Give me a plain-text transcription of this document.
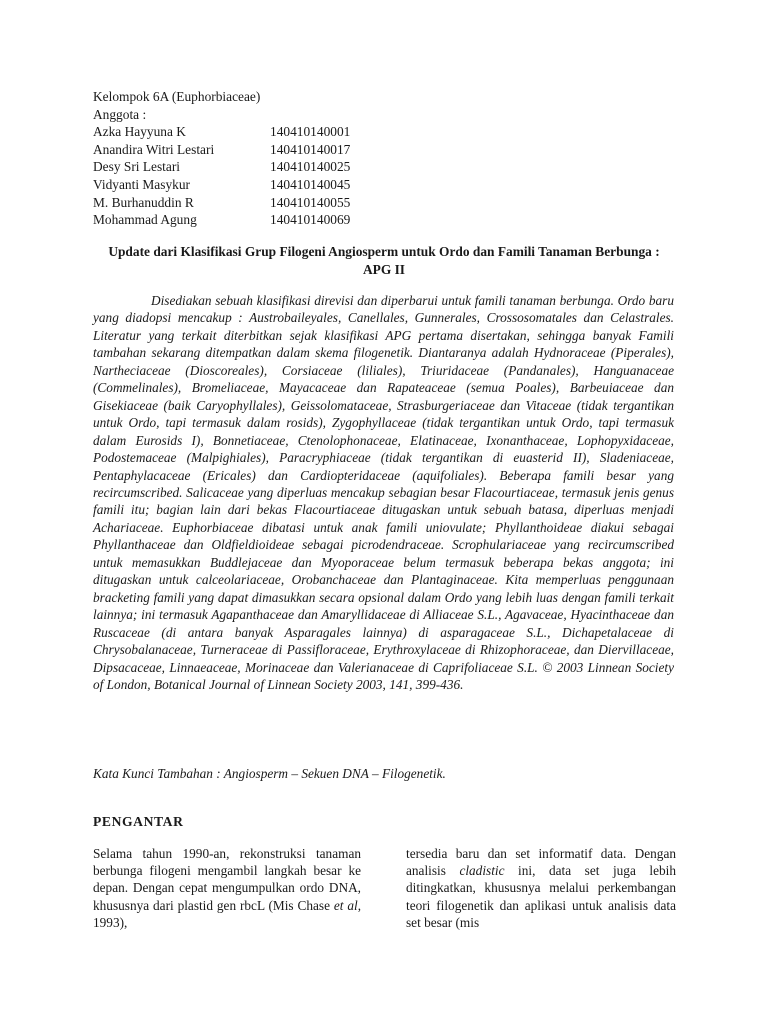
Kelompok 6A (Euphorbiaceae)
Anggota :
Azka Hayyuna K	140410140001
Anandira Witri Lestari	140410140017
Desy Sri Lestari	140410140025
Vidyanti Masykur	140410140045
M. Burhanuddin R	140410140055
Mohammad Agung	140410140069
Update dari Klasifikasi Grup Filogeni Angiosperm untuk Ordo dan Famili Tanaman Berbunga : APG II

Disediakan sebuah klasifikasi direvisi dan diperbarui untuk famili tanaman berbunga. Ordo baru yang diadopsi mencakup : Austrobaileyales, Canellales, Gunnerales, Crossosomatales dan Celastrales. Literatur yang terkait diterbitkan sejak klasifikasi APG pertama disertakan, sehingga banyak Famili tambahan sekarang ditempatkan dalam skema filogenetik. Diantaranya adalah Hydnoraceae (Piperales), Nartheciaceae (Dioscoreales), Corsiaceae (liliales), Triuridaceae (Pandanales), Hanguanaceae (Commelinales), Bromeliaceae, Mayacaceae dan Rapateaceae (semua Poales), Barbeuiaceae dan Gisekiaceae (baik Caryophyllales), Geissolomataceae, Strasburgeriaceae dan Vitaceae (tidak tergantikan untuk Ordo, tapi termasuk dalam rosids), Zygophyllaceae (tidak tergantikan untuk Ordo, tapi termasuk dalam Eurosids I), Bonnetiaceae, Ctenolophonaceae, Elatinaceae, Ixonanthaceae, Lophopyxidaceae, Podostemaceae (Malpighiales), Paracryphiaceae (tidak tergantikan di euasterid II), Sladeniaceae, Pentaphylacaceae (Ericales) dan Cardiopteridaceae (aquifoliales). Beberapa famili besar yang recircumscribed. Salicaceae yang diperluas mencakup sebagian besar Flacourtiaceae, termasuk jenis genus famili itu; bagian lain dari bekas Flacourtiaceae ditugaskan untuk sebuah batasa, diperluas menjadi Achariaceae. Euphorbiaceae dibatasi untuk anak famili uniovulate; Phyllanthoideae diakui sebagai Phyllanthaceae dan Oldfieldioideae sebagai picrodendraceae. Scrophulariaceae yang recircumscribed untuk memasukkan Buddlejaceae dan Myoporaceae belum termasuk beberapa bekas anggota; ini ditugaskan untuk calceolariaceae, Orobanchaceae dan Plantaginaceae. Kita memperluas penggunaan bracketing famili yang dapat dimasukkan secara opsional dalam Ordo yang lebih luas dengan famili terkait lainnya; ini termasuk Agapanthaceae dan Amaryllidaceae di Alliaceae S.L., Agavaceae, Hyacinthaceae dan Ruscaceae (di antara banyak Asparagales lainnya) di asparagaceae S.L., Dichapetalaceae di Chrysobalanaceae, Turneraceae di Passifloraceae, Erythroxylaceae di Rhizophoraceae, dan Diervillaceae, Dipsacaceae, Linnaeaceae, Morinaceae dan Valerianaceae di Caprifoliaceae S.L. © 2003 Linnean Society of London, Botanical Journal of Linnean Society 2003, 141, 399-436.

Kata Kunci Tambahan : Angiosperm – Sekuen DNA – Filogenetik.

PENGANTAR

Selama tahun 1990-an, rekonstruksi tanaman berbunga filogeni mengambil langkah besar ke depan. Dengan cepat mengumpulkan ordo DNA, khususnya dari plastid gen rbcL (Mis Chase et al, 1993),

tersedia baru dan set informatif data. Dengan analisis cladistic ini, data set juga lebih ditingkatkan, khususnya melalui perkembangan teori filogenetik dan aplikasi untuk analisis data set besar (mis
